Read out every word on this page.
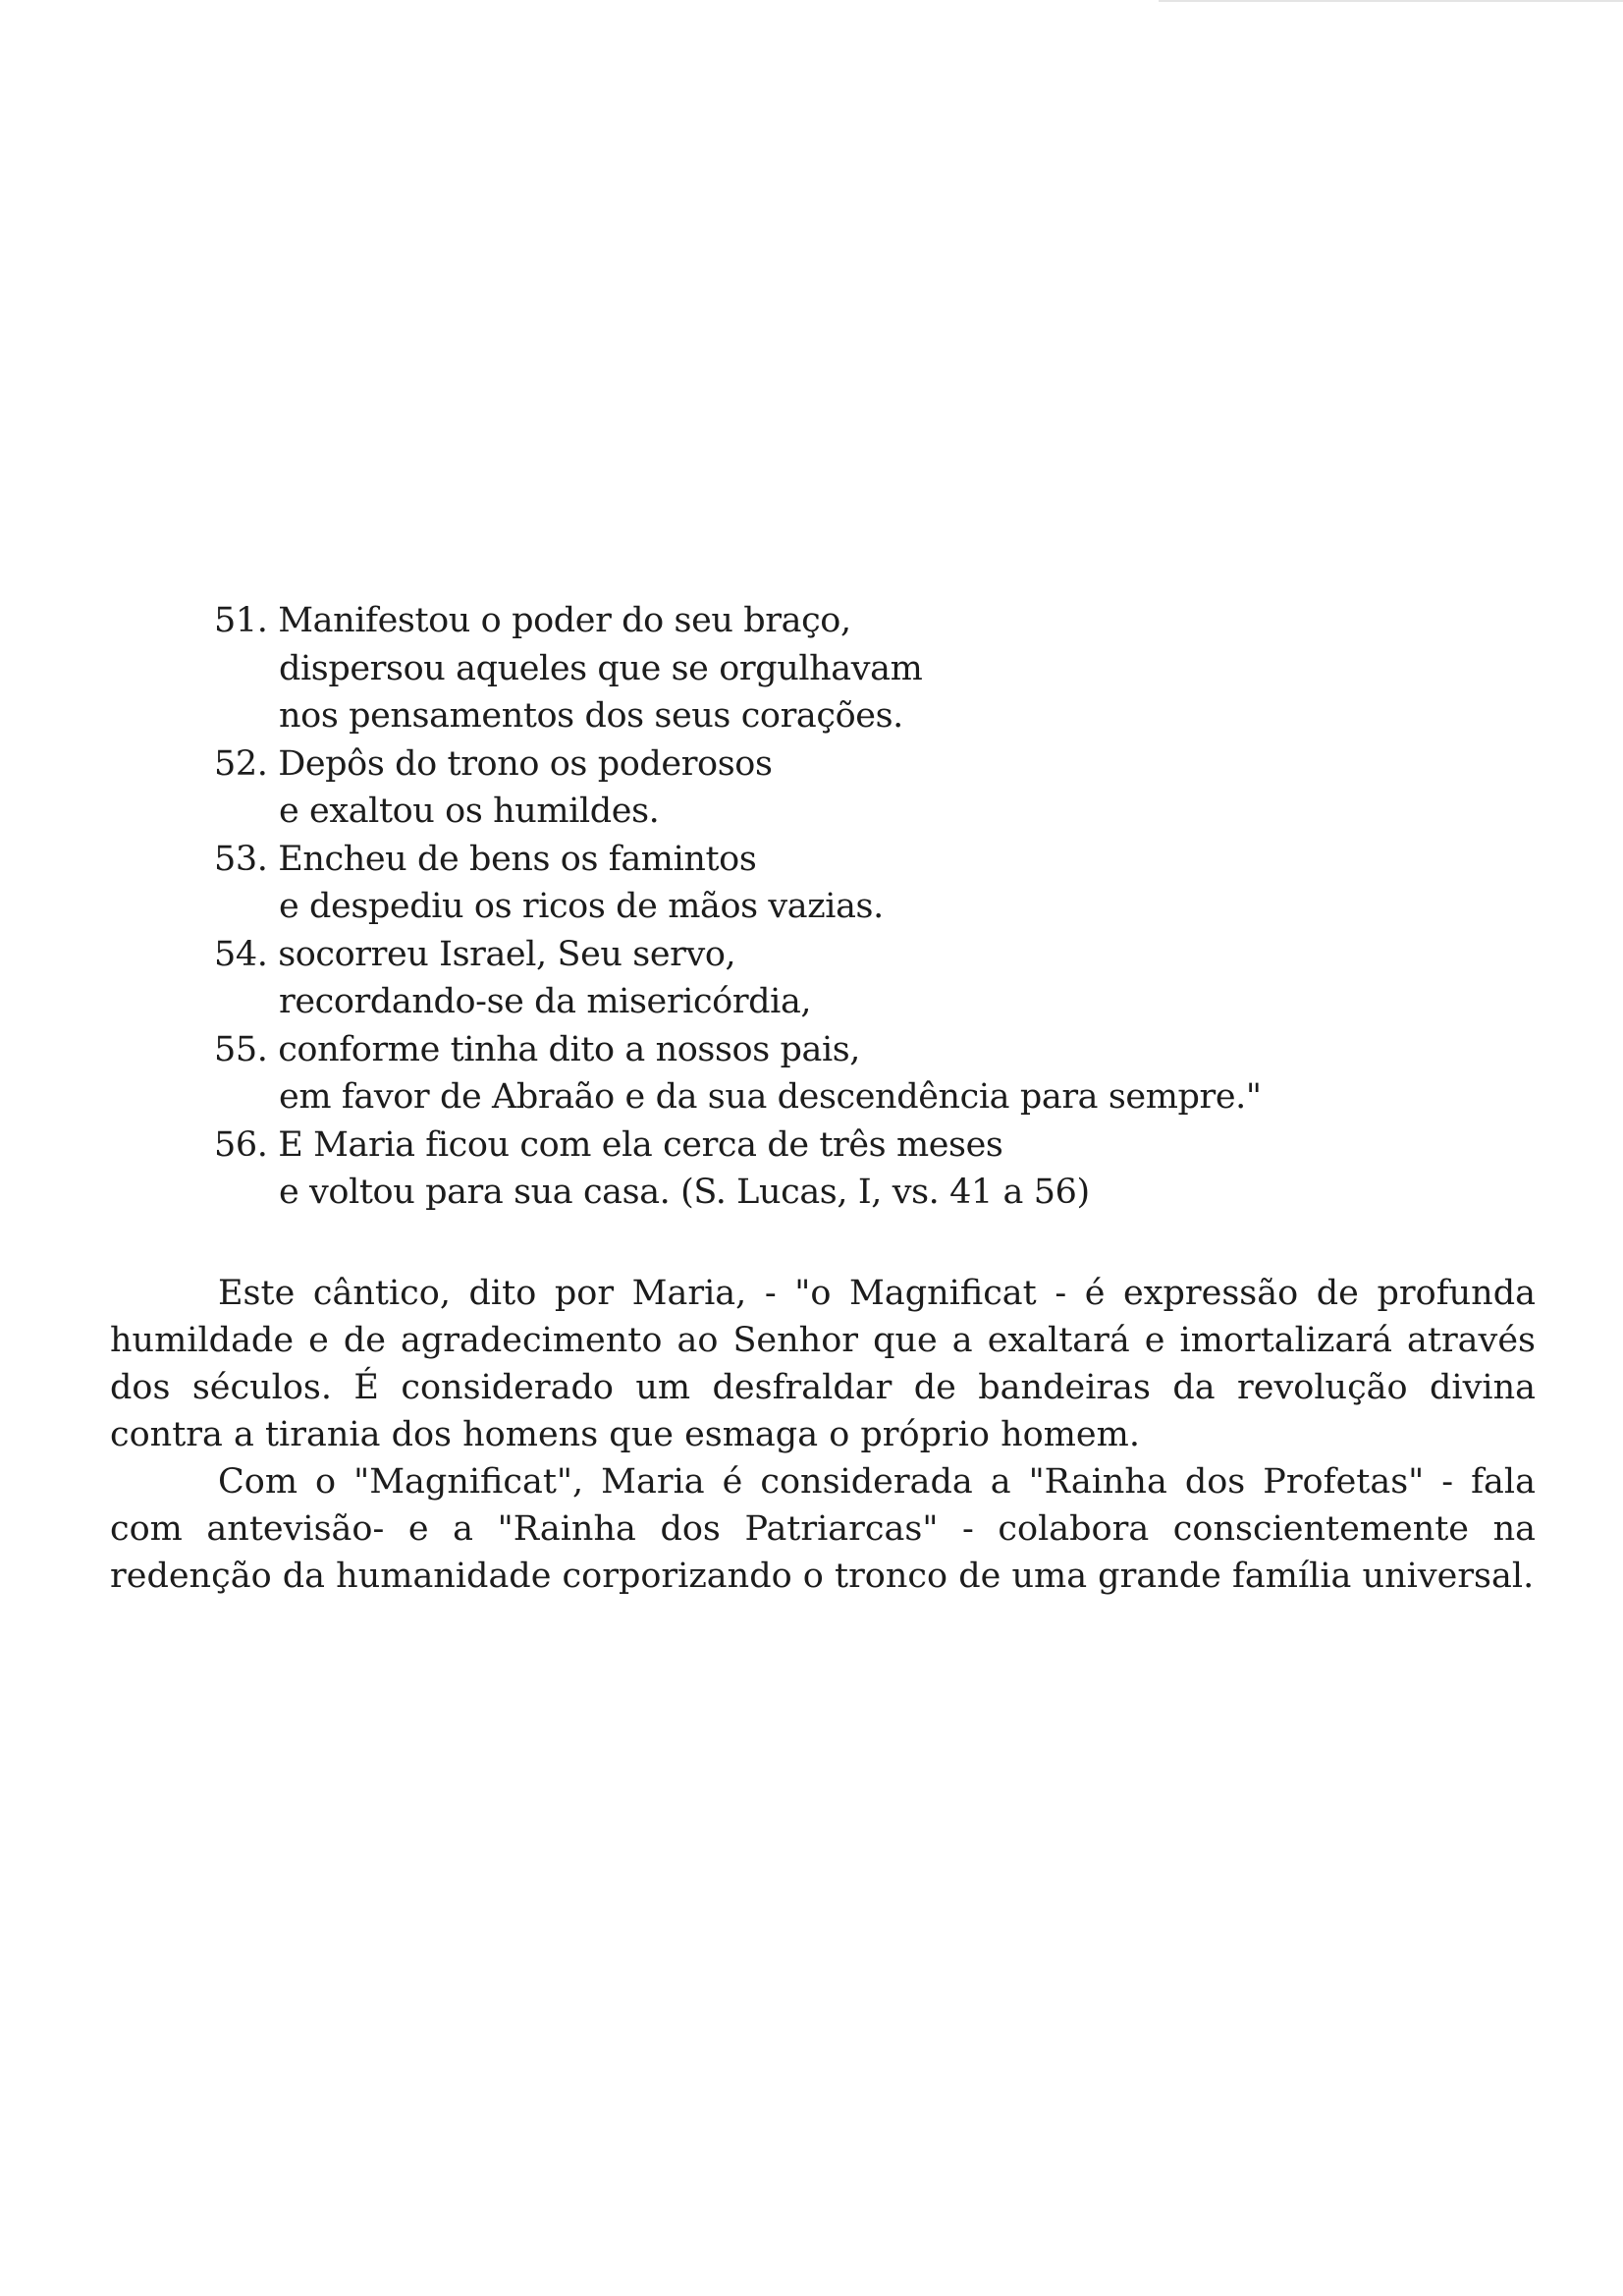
51. Manifestou o poder do seu braço,
dispersou aqueles que se orgulhavam
nos pensamentos dos seus corações.
52. Depôs do trono os poderosos
e exaltou os humildes.
53. Encheu de bens os famintos
e despediu os ricos de mãos vazias.
54. socorreu Israel, Seu servo,
recordando-se da misericórdia,
55. conforme tinha dito a nossos pais,
em favor de Abraão e da sua descendência para sempre."
56. E Maria ficou com ela cerca de três meses
e voltou para sua casa. (S. Lucas, I, vs. 41 a 56)

Este cântico, dito por Maria, - "o Magnificat - é expressão de profunda humildade e de agradecimento ao Senhor que a exaltará e imortalizará através dos séculos. É considerado um desfraldar de bandeiras da revolução divina contra a tirania dos homens que esmaga o próprio homem.

Com o "Magnificat", Maria é considerada a "Rainha dos Profetas" - fala com antevisão- e a "Rainha dos Patriarcas" - colabora conscientemente na redenção da humanidade corporizando o tronco de uma grande família universal.
